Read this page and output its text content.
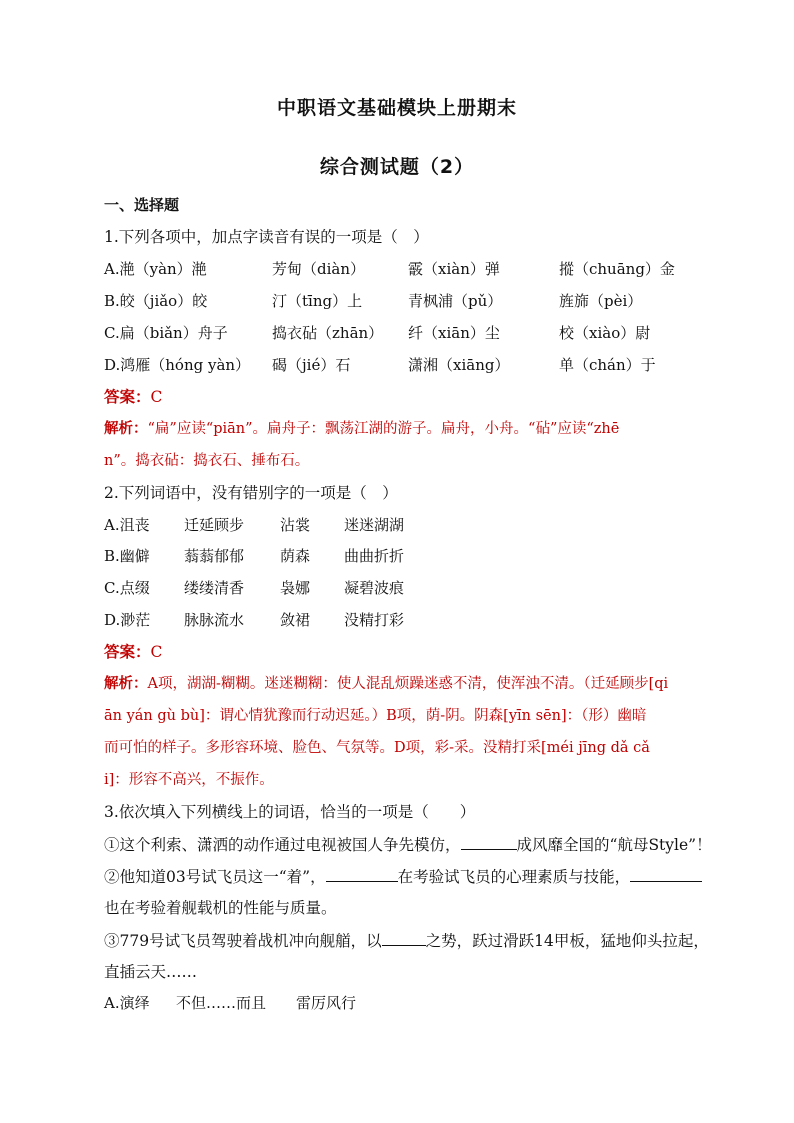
中职语文基础模块上册期末
综合测试题（2）
一、选择题
1.下列各项中，加点字读音有误的一项是（　）
A.滟（yàn）滟	芳甸（diàn）	霰（xiàn）弹	摐（chuāng）金
B.皎（jiǎo）皎	汀（tīng）上	青枫浦（pǔ）	旌旆（pèi）
C.扁（biǎn）舟子	捣衣砧（zhān） 纤（xiān）尘	校（xiào）尉
D.鸿雁（hóng yàn） 碣（jié）石	潇湘（xiāng）	单（chán）于
答案：C
解析：“扁”应读“piān”。扁舟子：飘荡江湖的游子。扁舟，小舟。“砧”应读“zhē
n”。捣衣砧：捣衣石、捶布石。
2.下列词语中，没有错别字的一项是（　）
A.沮丧 迁延顾步 沾裳 迷迷湖湖
B.幽僻 蓊蓊郁郁 荫森 曲曲折折
C.点缀 缕缕清香 袅娜 凝碧波痕
D.渺茫 脉脉流水 敛裙 没精打彩
答案：C
解析：A项，湖湖-糊糊。迷迷糊糊：使人混乱烦躁迷惑不清，使浑浊不清。（迁延顾步[qi
ān yán gù bù]：谓心情犹豫而行动迟延。）B项，荫-阴。阴森[yīn sēn]：（形）幽暗
而可怕的样子。多形容环境、脸色、气氛等。D项，彩-采。没精打采[méi jīng dǎ cǎ
i]：形容不高兴，不振作。
3.依次填入下列横线上的词语，恰当的一项是（　　）
①这个利索、潇洒的动作通过电视被国人争先模仿，	成风靡全国的“航母Style”！
②他知道03号试飞员这一“着”，	在考验试飞员的心理素质与技能，
也在考验着舰载机的性能与质量。
③779号试飞员驾驶着战机冲向舰艏，以	之势，跃过滑跃14甲板，猛地仰头拉起，
直插云天……
A.演绎 不但……而且 雷厉风行
